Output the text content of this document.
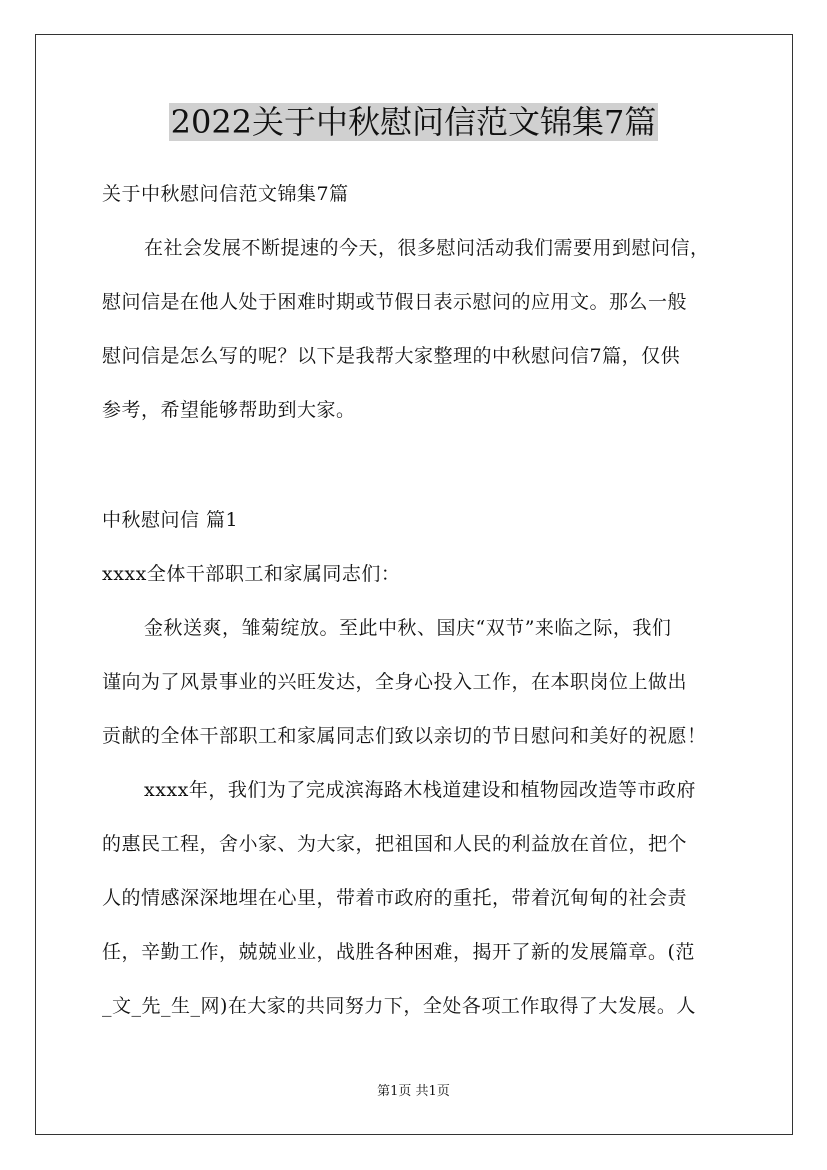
2022关于中秋慰问信范文锦集7篇
关于中秋慰问信范文锦集7篇
在社会发展不断提速的今天，很多慰问活动我们需要用到慰问信，
慰问信是在他人处于困难时期或节假日表示慰问的应用文。那么一般
慰问信是怎么写的呢？以下是我帮大家整理的中秋慰问信7篇，仅供
参考，希望能够帮助到大家。
中秋慰问信 篇1
xxxx全体干部职工和家属同志们：
金秋送爽，雏菊绽放。至此中秋、国庆“双节”来临之际，我们
谨向为了风景事业的兴旺发达，全身心投入工作，在本职岗位上做出
贡献的全体干部职工和家属同志们致以亲切的节日慰问和美好的祝愿！
xxxx年，我们为了完成滨海路木栈道建设和植物园改造等市政府
的惠民工程，舍小家、为大家，把祖国和人民的利益放在首位，把个
人的情感深深地埋在心里，带着市政府的重托，带着沉甸甸的社会责
任，辛勤工作，兢兢业业，战胜各种困难，揭开了新的发展篇章。(范
_文_先_生_网)在大家的共同努力下，全处各项工作取得了大发展。人
第1页 共1页
